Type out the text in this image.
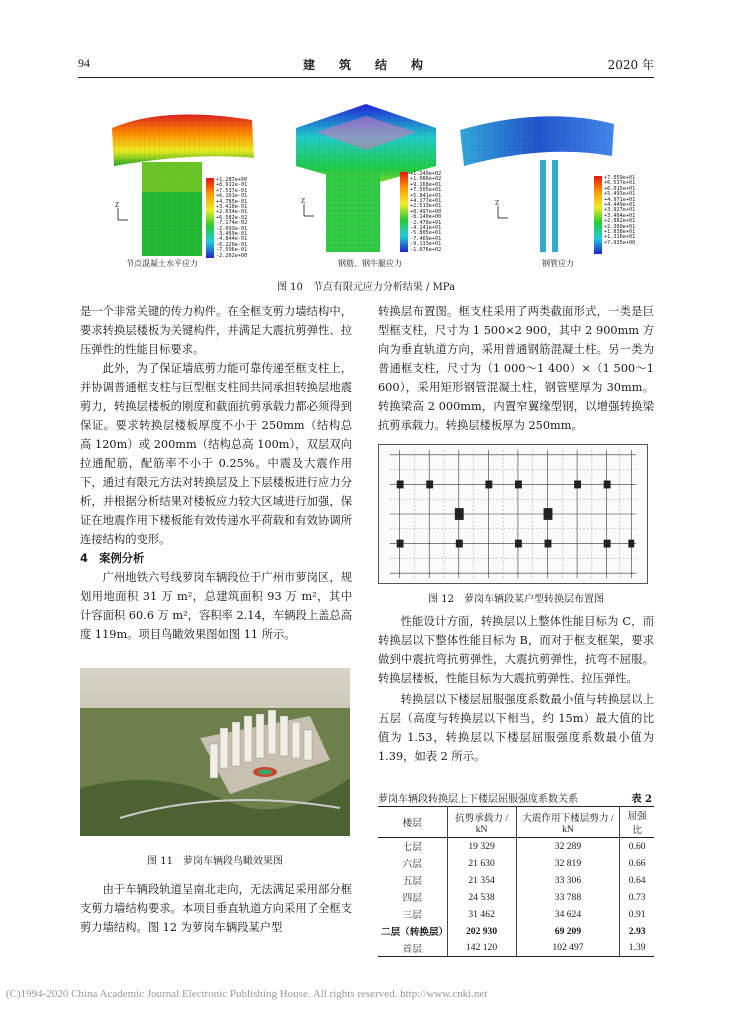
94	建　筑　结　构	2020 年
Z
Z	Z
+1.287e+00
+8.912e-01
+7.537e-01
+6.161e-01
+4.785e-01
+3.410e-01
+2.034e-01
+6.582e-02
-7.174e-02
-2.093e-01
-3.469e-01
-4.844e-01
-6.220e-01
-7.596e-01
-2.262e+00
+1.249e+02
+1.086e+02
+9.168e+01
+7.505e+01
+5.841e+01
+4.177e+01
+2.513e+01
+8.497e+00
-8.140e+00
-2.478e+01
-4.141e+01
-5.805e+01
-7.469e+01
-9.133e+01
-1.076e+02
+7.059e+01
+6.537e+01
+6.015e+01
+5.493e+01
+4.971e+01
+4.449e+01
+3.927e+01
+3.404e+01
+2.882e+01
+2.360e+01
+1.838e+01
+1.316e+01
+7.935e+00
节点混凝土水平应力	钢筋、钢牛腿应力	钢管应力
图 10　节点有限元应力分析结果 / MPa

是一个非常关键的传力构件。在全框支剪力墙结构中，要求转换层楼板为关键构件，并满足大震抗剪弹性、拉压弹性的性能目标要求。

此外，为了保证墙底剪力能可靠传递至框支柱上，并协调普通框支柱与巨型框支柱间共同承担转换层地震剪力，转换层楼板的刚度和截面抗剪承载力都必须得到保证。要求转换层楼板厚度不小于 250mm（结构总高 120m）或 200mm（结构总高 100m），双层双向拉通配筋，配筋率不小于 0.25%。中震及大震作用下，通过有限元方法对转换层及上下层楼板进行应力分析，并根据分析结果对楼板应力较大区域进行加强，保证在地震作用下楼板能有效传递水平荷载和有效协调所连接结构的变形。

4　案例分析

广州地铁六号线萝岗车辆段位于广州市萝岗区，规划用地面积 31 万 m²，总建筑面积 93 万 m²，其中计容面积 60.6 万 m²，容积率 2.14，车辆段上盖总高度 119m。项目鸟瞰效果图如图 11 所示。

图 11　萝岗车辆段鸟瞰效果图

由于车辆段轨道呈南北走向，无法满足采用部分框支剪力墙结构要求。本项目垂直轨道方向采用了全框支剪力墙结构。图 12 为萝岗车辆段某户型

转换层布置图。框支柱采用了两类截面形式，一类是巨型框支柱，尺寸为 1 500×2 900，其中 2 900mm 方向为垂直轨道方向，采用普通钢筋混凝土柱。另一类为普通框支柱，尺寸为（1 000～1 400）×（1 500～1 600），采用矩形钢管混凝土柱，钢管壁厚为 30mm。转换梁高 2 000mm，内置窄翼缘型钢，以增强转换梁抗剪承载力。转换层楼板厚为 250mm。

图 12　萝岗车辆段某户型转换层布置图

性能设计方面，转换层以上整体性能目标为 C，而转换层以下整体性能目标为 B，而对于框支框架，要求做到中震抗弯抗剪弹性，大震抗剪弹性，抗弯不屈服。转换层楼板，性能目标为大震抗剪弹性、拉压弹性。

转换层以下楼层屈服强度系数最小值与转换层以上五层（高度与转换层以下相当，约 15m）最大值的比值为 1.53，转换层以下楼层屈服强度系数最小值为 1.39，如表 2 所示。

萝岗车辆段转换层上下楼层屈服强度系数关系	表 2
楼层	抗剪承载力 / kN	大震作用下楼层剪力 / kN	屈强比
七层	19 329	32 289	0.60
六层	21 630	32 819	0.66
五层	21 354	33 306	0.64
四层	24 538	33 788	0.73
三层	31 462	34 624	0.91
二层（转换层）	202 930	69 209	2.93
首层	142 120	102 497	1.39
(C)1994-2020 China Academic Journal Electronic Publishing House. All rights reserved. http://www.cnki.net
